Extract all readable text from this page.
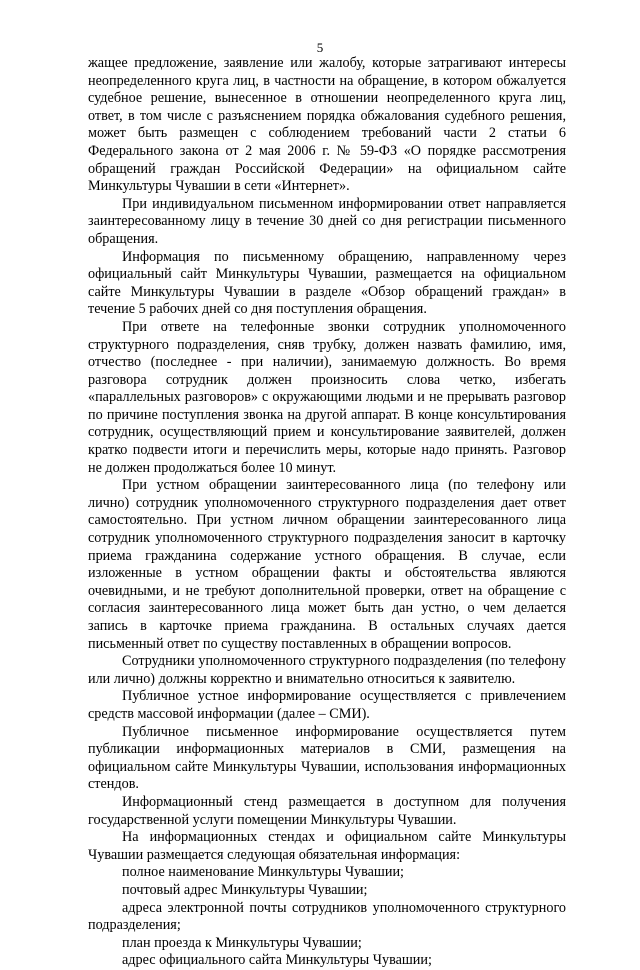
5

жащее предложение, заявление или жалобу, которые затрагивают интересы неопределенного круга лиц, в частности на обращение, в котором обжалуется судебное решение, вынесенное в отношении неопределенного круга лиц, ответ, в том числе с разъяснением порядка обжалования судебного решения, может быть размещен с соблюдением требований части 2 статьи 6 Федерального закона от 2 мая 2006 г. № 59-ФЗ «О порядке рассмотрения обращений граждан Российской Федерации» на официальном сайте Минкультуры Чувашии в сети «Интернет».

При индивидуальном письменном информировании ответ направляется заинтересованному лицу в течение 30 дней со дня регистрации письменного обращения.

Информация по письменному обращению, направленному через официальный сайт Минкультуры Чувашии, размещается на официальном сайте Минкультуры Чувашии в разделе «Обзор обращений граждан» в течение 5 рабочих дней со дня поступления обращения.

При ответе на телефонные звонки сотрудник уполномоченного структурного подразделения, сняв трубку, должен назвать фамилию, имя, отчество (последнее - при наличии), занимаемую должность. Во время разговора сотрудник должен произносить слова четко, избегать «параллельных разговоров» с окружающими людьми и не прерывать разговор по причине поступления звонка на другой аппарат. В конце консультирования сотрудник, осуществляющий прием и консультирование заявителей, должен кратко подвести итоги и перечислить меры, которые надо принять. Разговор не должен продолжаться более 10 минут.

При устном обращении заинтересованного лица (по телефону или лично) сотрудник уполномоченного структурного подразделения дает ответ самостоятельно. При устном личном обращении заинтересованного лица сотрудник уполномоченного структурного подразделения заносит в карточку приема гражданина содержание устного обращения. В случае, если изложенные в устном обращении факты и обстоятельства являются очевидными, и не требуют дополнительной проверки, ответ на обращение с согласия заинтересованного лица может быть дан устно, о чем делается запись в карточке приема гражданина. В остальных случаях дается письменный ответ по существу поставленных в обращении вопросов.

Сотрудники уполномоченного структурного подразделения (по телефону или лично) должны корректно и внимательно относиться к заявителю.

Публичное устное информирование осуществляется с привлечением средств массовой информации (далее – СМИ).

Публичное письменное информирование осуществляется путем публикации информационных материалов в СМИ, размещения на официальном сайте Минкультуры Чувашии, использования информационных стендов.

Информационный стенд размещается в доступном для получения государственной услуги помещении Минкультуры Чувашии.

На информационных стендах и официальном сайте Минкультуры Чувашии размещается следующая обязательная информация:

полное наименование Минкультуры Чувашии;

почтовый адрес Минкультуры Чувашии;

адреса электронной почты сотрудников уполномоченного структурного подразделения;

план проезда к Минкультуры Чувашии;

адрес официального сайта Минкультуры Чувашии;
